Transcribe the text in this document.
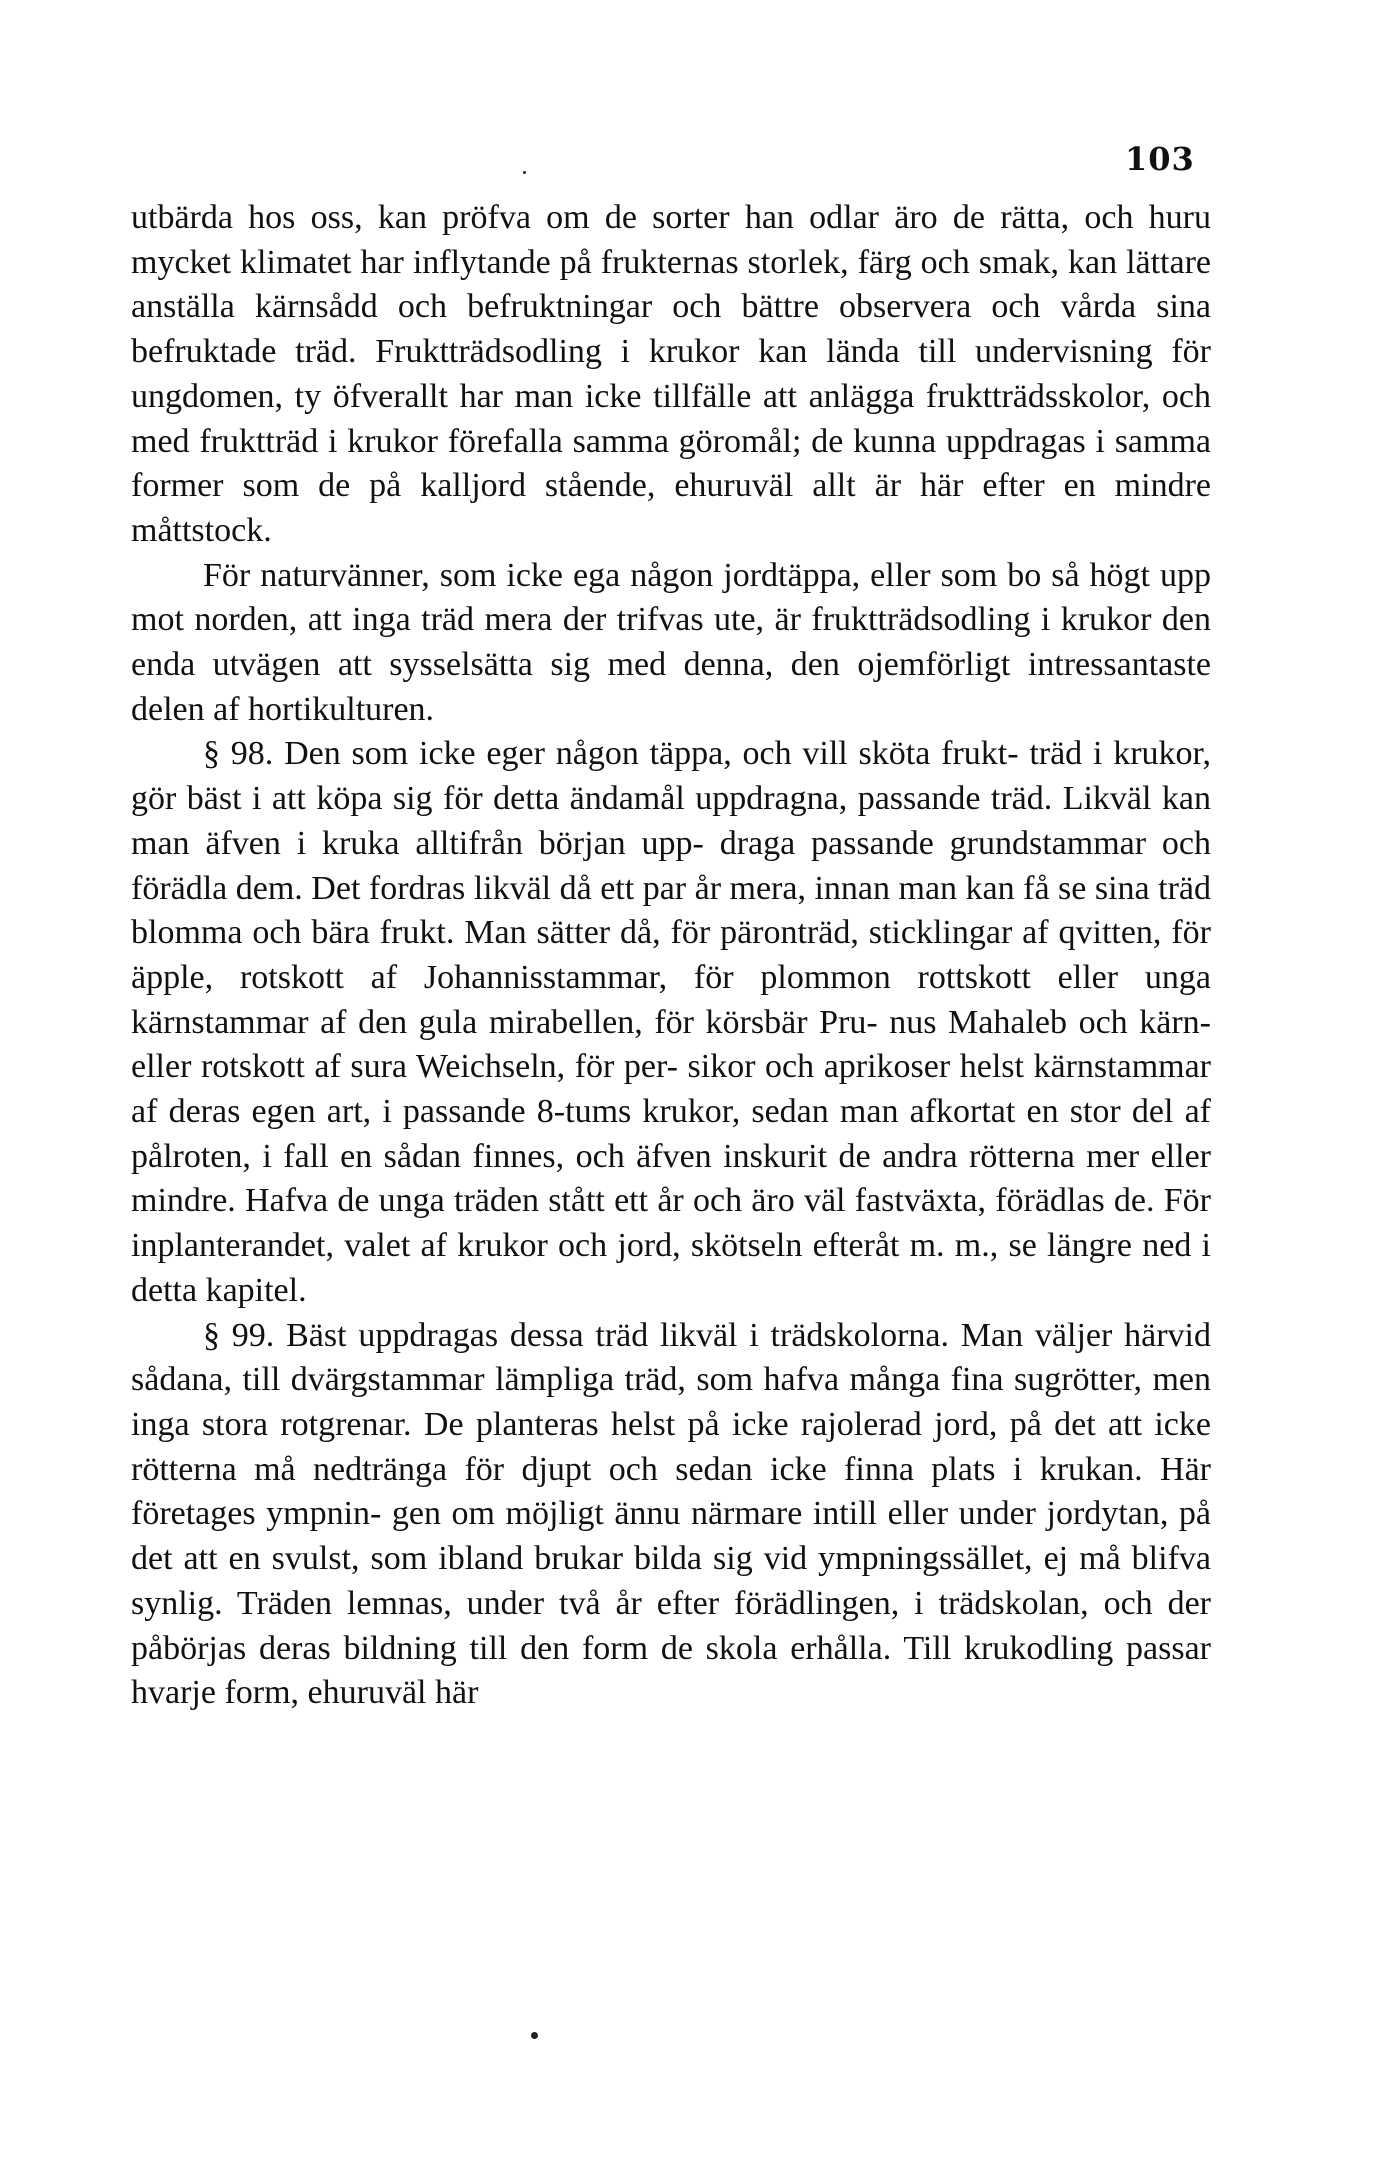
103

utbärda hos oss, kan pröfva om de sorter han odlar äro de rätta, och huru mycket klimatet har inflytande på frukternas storlek, färg och smak, kan lättare anställa kärnsådd och befruktningar och bättre observera och vårda sina befruktade träd. Fruktträdsodling i krukor kan lända till undervisning för ungdomen, ty öfverallt har man icke tillfälle att anlägga fruktträdsskolor, och med fruktträd i krukor förefalla samma göromål; de kunna uppdragas i samma former som de på kalljord stående, ehuruväl allt är här efter en mindre måttstock.

För naturvänner, som icke ega någon jordtäppa, eller som bo så högt upp mot norden, att inga träd mera der trifvas ute, är fruktträdsodling i krukor den enda utvägen att sysselsätta sig med denna, den ojemförligt intressantaste delen af hortikulturen.

§ 98. Den som icke eger någon täppa, och vill sköta frukt- träd i krukor, gör bäst i att köpa sig för detta ändamål uppdragna, passande träd. Likväl kan man äfven i kruka alltifrån början upp- draga passande grundstammar och förädla dem. Det fordras likväl då ett par år mera, innan man kan få se sina träd blomma och bära frukt. Man sätter då, för päronträd, sticklingar af qvitten, för äpple, rotskott af Johannisstammar, för plommon rottskott eller unga kärnstammar af den gula mirabellen, för körsbär Pru- nus Mahaleb och kärn- eller rotskott af sura Weichseln, för per- sikor och aprikoser helst kärnstammar af deras egen art, i passande 8-tums krukor, sedan man afkortat en stor del af pålroten, i fall en sådan finnes, och äfven inskurit de andra rötterna mer eller mindre. Hafva de unga träden stått ett år och äro väl fastväxta, förädlas de. För inplanterandet, valet af krukor och jord, skötseln efteråt m. m., se längre ned i detta kapitel.

§ 99. Bäst uppdragas dessa träd likväl i trädskolorna. Man väljer härvid sådana, till dvärgstammar lämpliga träd, som hafva många fina sugrötter, men inga stora rotgrenar. De planteras helst på icke rajolerad jord, på det att icke rötterna må nedtränga för djupt och sedan icke finna plats i krukan. Här företages ympnin- gen om möjligt ännu närmare intill eller under jordytan, på det att en svulst, som ibland brukar bilda sig vid ympningssället, ej må blifva synlig. Träden lemnas, under två år efter förädlingen, i trädskolan, och der påbörjas deras bildning till den form de skola erhålla. Till krukodling passar hvarje form, ehuruväl här
